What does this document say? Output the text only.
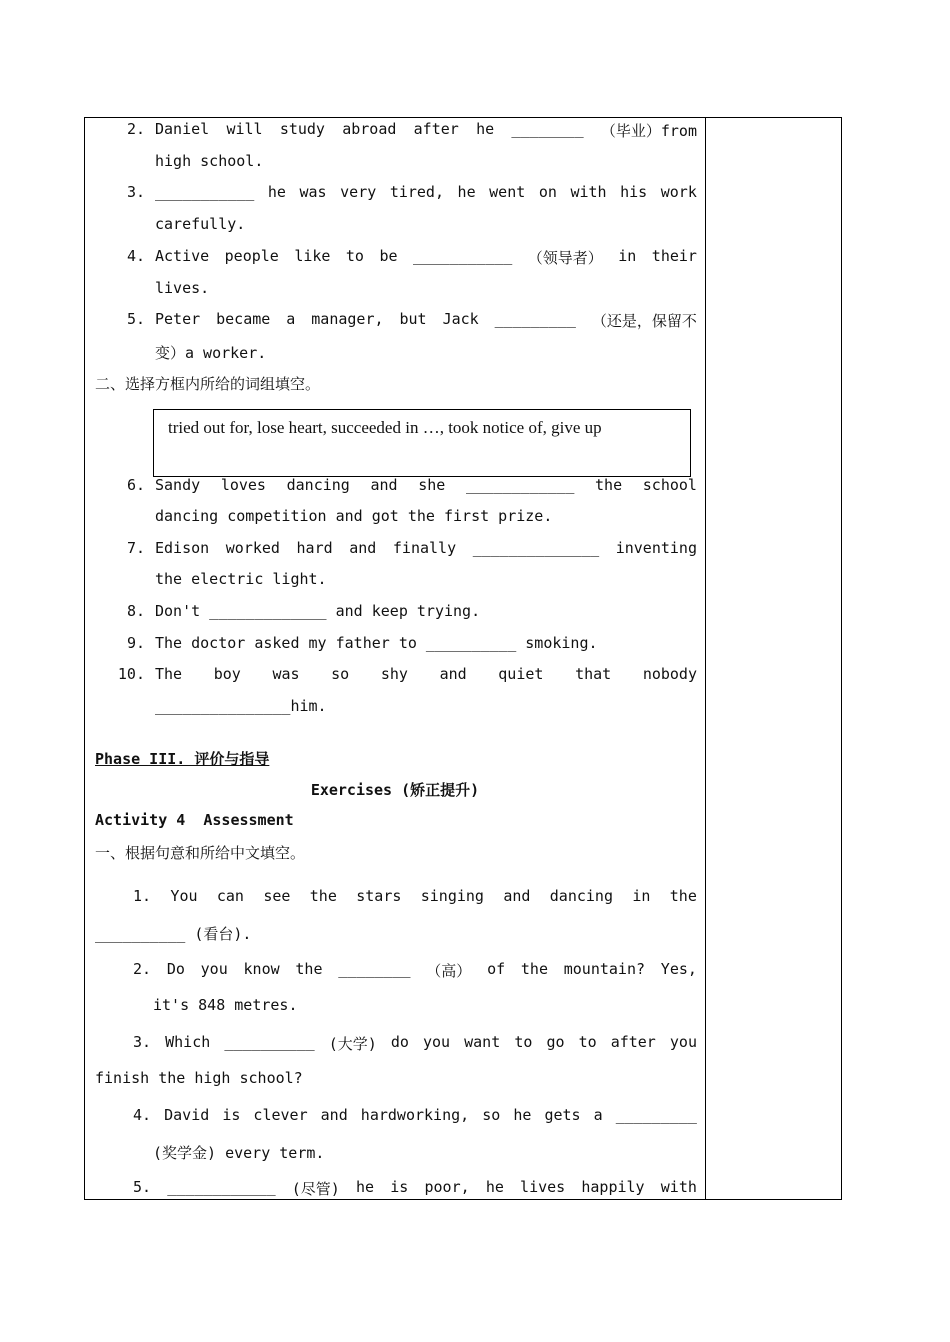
2. Daniel will study abroad after he ________ （毕业）from
high school.
3. ___________ he was very tired, he went on with his work
carefully.
4. Active people like to be ___________ （领导者） in their
lives.
5. Peter became a manager, but Jack _________ （还是，保留不
变）a worker.
二、选择方框内所给的词组填空。
tried out for, lose heart, succeeded in …, took notice of, give up
6. Sandy loves dancing and she ____________ the school
dancing competition and got the first prize.
7. Edison worked hard and finally ______________ inventing
the electric light.
8. Don't _____________ and keep trying.
9. The doctor asked my father to __________ smoking.
10. The boy was so shy and quiet that nobody
_______________him.
Phase III. 评价与指导
Exercises (矫正提升)
Activity 4  Assessment
一、根据句意和所给中文填空。
1. You can see the stars singing and dancing in the
__________ (看台).
2. Do you know the ________ （高） of the mountain? Yes,
it's 848 metres.
3. Which __________ (大学) do you want to go to after you
finish the high school?
4. David is clever and hardworking, so he gets a _________
(奖学金) every term.
5. ____________ (尽管) he is poor, he lives happily with
